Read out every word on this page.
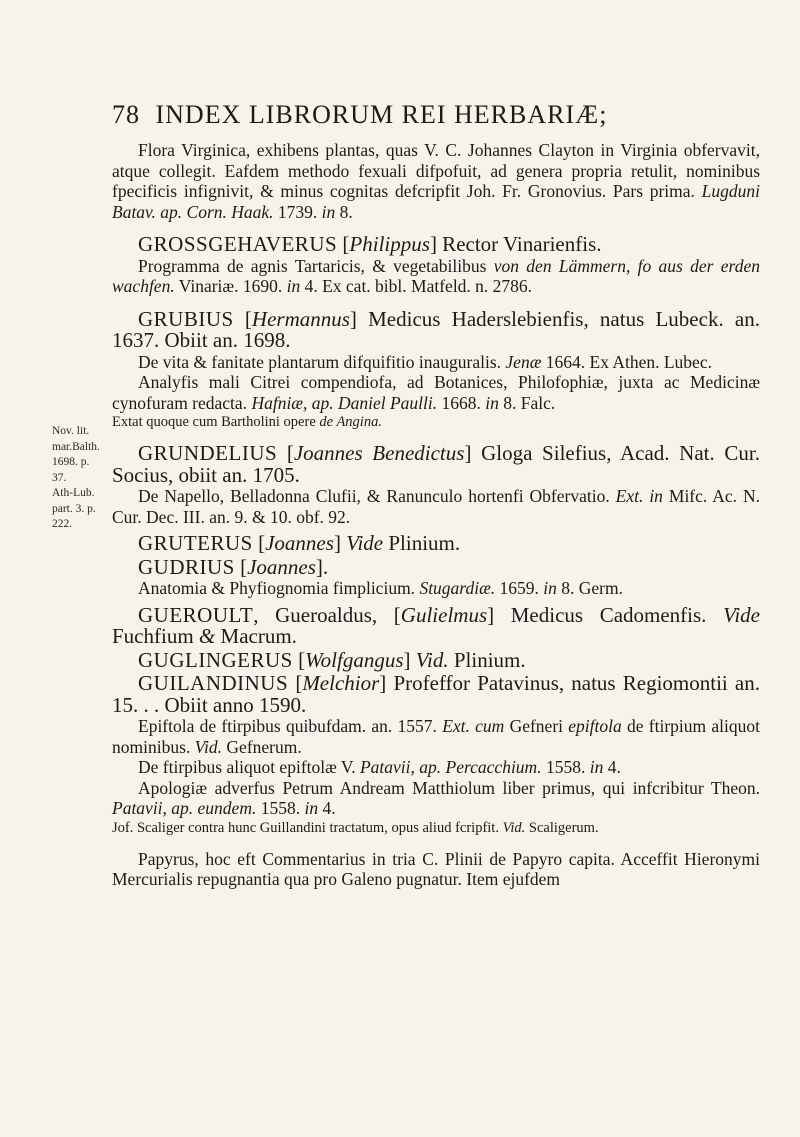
78 INDEX LIBRORUM REI HERBARIÆ;
Nov. lit.
mar.Balth.
1698. p.
37.
Ath-Lub.
part. 3. p.
222.

Flora Virginica, exhibens plantas, quas V. C. Johannes Clayton in Virginia obfervavit, atque collegit. Eafdem methodo fexuali difpofuit, ad genera propria retulit, nominibus fpecificis infignivit, & minus cognitas defcripfit Joh. Fr. Gronovius. Pars prima. Lugduni Batav. ap. Corn. Haak. 1739. in 8.

GROSSGEHAVERUS [Philippus] Rector Vinarienfis.

Programma de agnis Tartaricis, & vegetabilibus von den Lämmern, fo aus der erden wachfen. Vinariæ. 1690. in 4. Ex cat. bibl. Matfeld. n. 2786.

GRUBIUS [Hermannus] Medicus Haderslebienfis, natus Lubeck. an. 1637. Obiit an. 1698.

De vita & fanitate plantarum difquifitio inauguralis. Jenæ 1664. Ex Athen. Lubec.

Analyfis mali Citrei compendiofa, ad Botanices, Philofophiæ, juxta ac Medicinæ cynofuram redacta. Hafniæ, ap. Daniel Paulli. 1668. in 8. Falc.

Extat quoque cum Bartholini opere de Angina.

GRUNDELIUS [Joannes Benedictus] Gloga Silefius, Acad. Nat. Cur. Socius, obiit an. 1705.

De Napello, Belladonna Clufii, & Ranunculo hortenfi Obfervatio. Ext. in Mifc. Ac. N. Cur. Dec. III. an. 9. & 10. obf. 92.

GRUTERUS [Joannes] Vide Plinium.

GUDRIUS [Joannes].

Anatomia & Phyfiognomia fimplicium. Stugardiæ. 1659. in 8. Germ.

GUEROULT, Gueroaldus, [Gulielmus] Medicus Cadomenfis. Vide Fuchfium & Macrum.

GUGLINGERUS [Wolfgangus] Vid. Plinium.

GUILANDINUS [Melchior] Profeffor Patavinus, natus Regiomontii an. 15. . . Obiit anno 1590.

Epiftola de ftirpibus quibufdam. an. 1557. Ext. cum Gefneri epiftola de ftirpium aliquot nominibus. Vid. Gefnerum.

De ftirpibus aliquot epiftolæ V. Patavii, ap. Percacchium. 1558. in 4.

Apologiæ adverfus Petrum Andream Matthiolum liber primus, qui infcribitur Theon. Patavii, ap. eundem. 1558. in 4.

Jof. Scaliger contra hunc Guillandini tractatum, opus aliud fcripfit. Vid. Scaligerum.

Papyrus, hoc eft Commentarius in tria C. Plinii de Papyro capita. Acceffit Hieronymi Mercurialis repugnantia qua pro Galeno pugnatur. Item ejufdem
